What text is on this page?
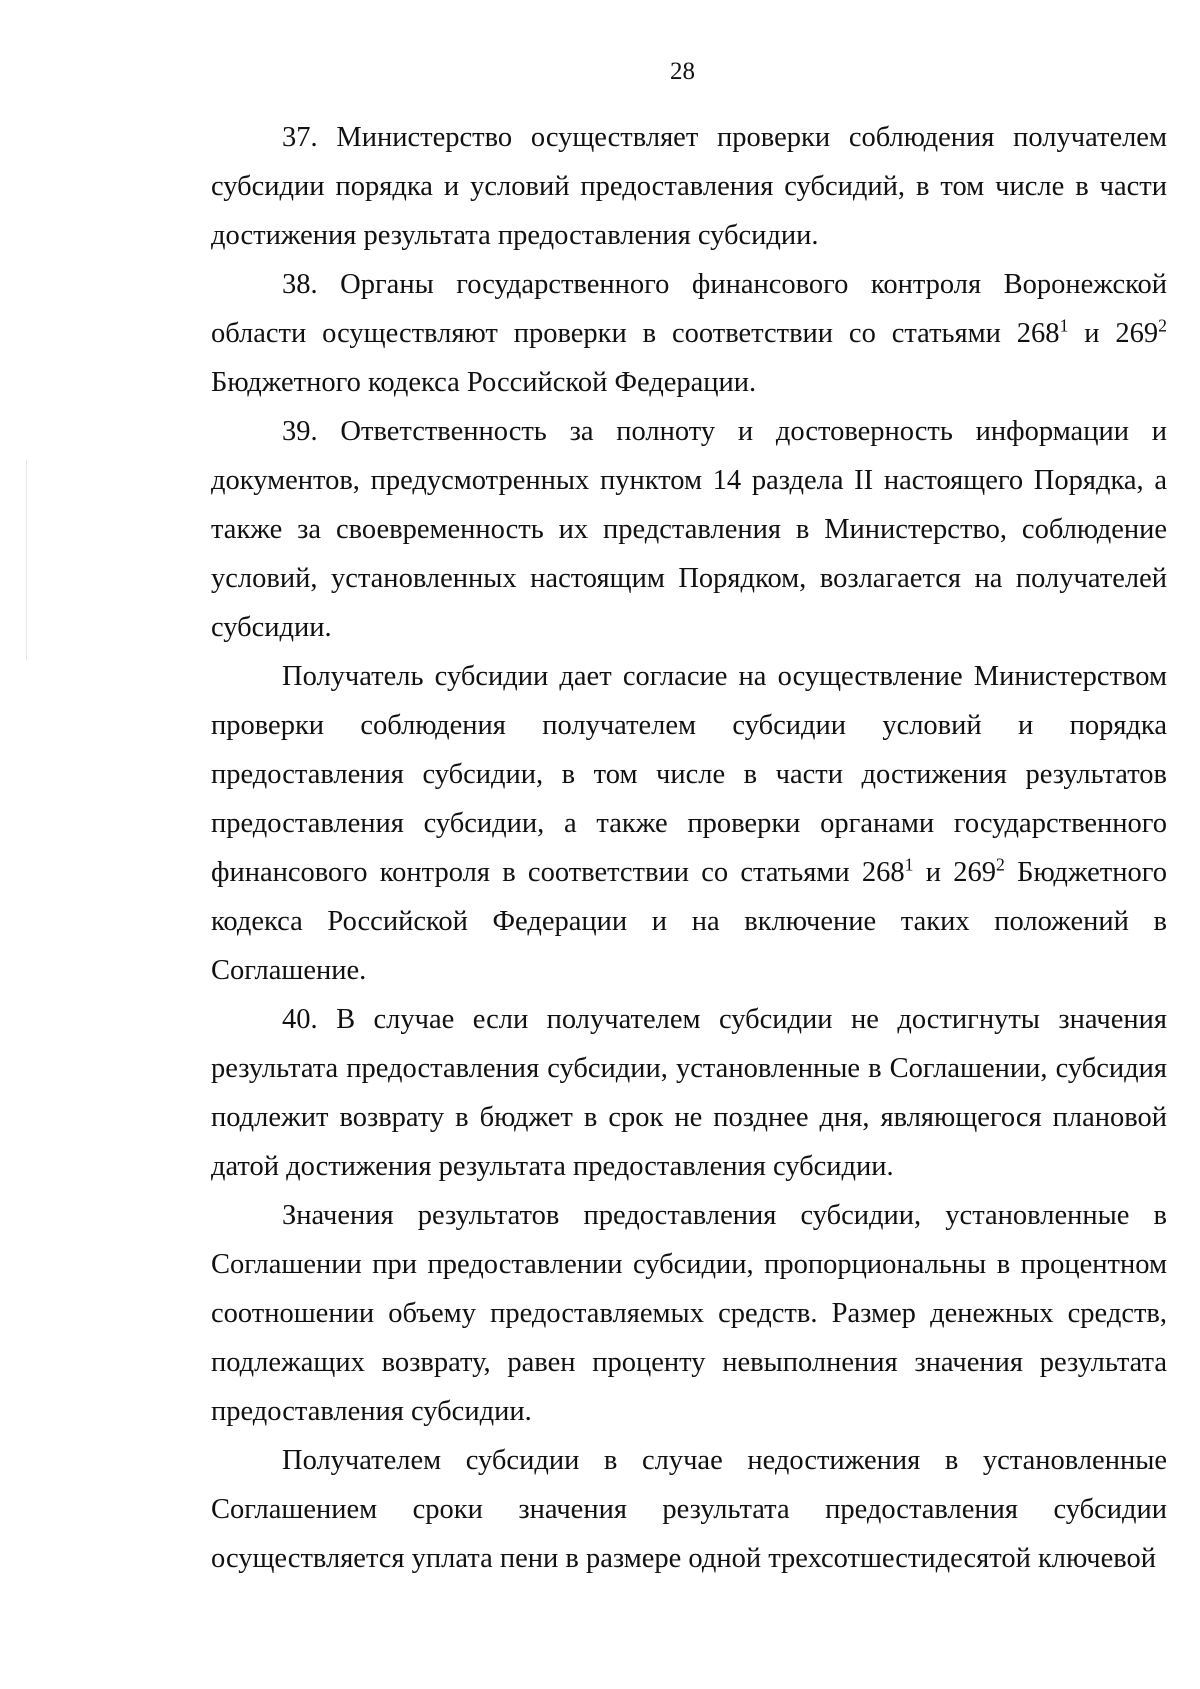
28

37. Министерство осуществляет проверки соблюдения получателем субсидии порядка и условий предоставления субсидий, в том числе в части достижения результата предоставления субсидии.

38. Органы государственного финансового контроля Воронежской области осуществляют проверки в соответствии со статьями $268^1$ и $269^2$ Бюджетного кодекса Российской Федерации.

39. Ответственность за полноту и достоверность информации и документов, предусмотренных пунктом 14 раздела II настоящего Порядка, а также за своевременность их представления в Министерство, соблюдение условий, установленных настоящим Порядком, возлагается на получателей субсидии.

Получатель субсидии дает согласие на осуществление Министерством проверки соблюдения получателем субсидии условий и порядка предоставления субсидии, в том числе в части достижения результатов предоставления субсидии, а также проверки органами государственного финансового контроля в соответствии со статьями $268^1$ и $269^2$ Бюджетного кодекса Российской Федерации и на включение таких положений в Соглашение.

40. В случае если получателем субсидии не достигнуты значения результата предоставления субсидии, установленные в Соглашении, субсидия подлежит возврату в бюджет в срок не позднее дня, являющегося плановой датой достижения результата предоставления субсидии.

Значения результатов предоставления субсидии, установленные в Соглашении при предоставлении субсидии, пропорциональны в процентном соотношении объему предоставляемых средств. Размер денежных средств, подлежащих возврату, равен проценту невыполнения значения результата предоставления субсидии.

Получателем субсидии в случае недостижения в установленные Соглашением сроки значения результата предоставления субсидии осуществляется уплата пени в размере одной трехсотшестидесятой ключевой
